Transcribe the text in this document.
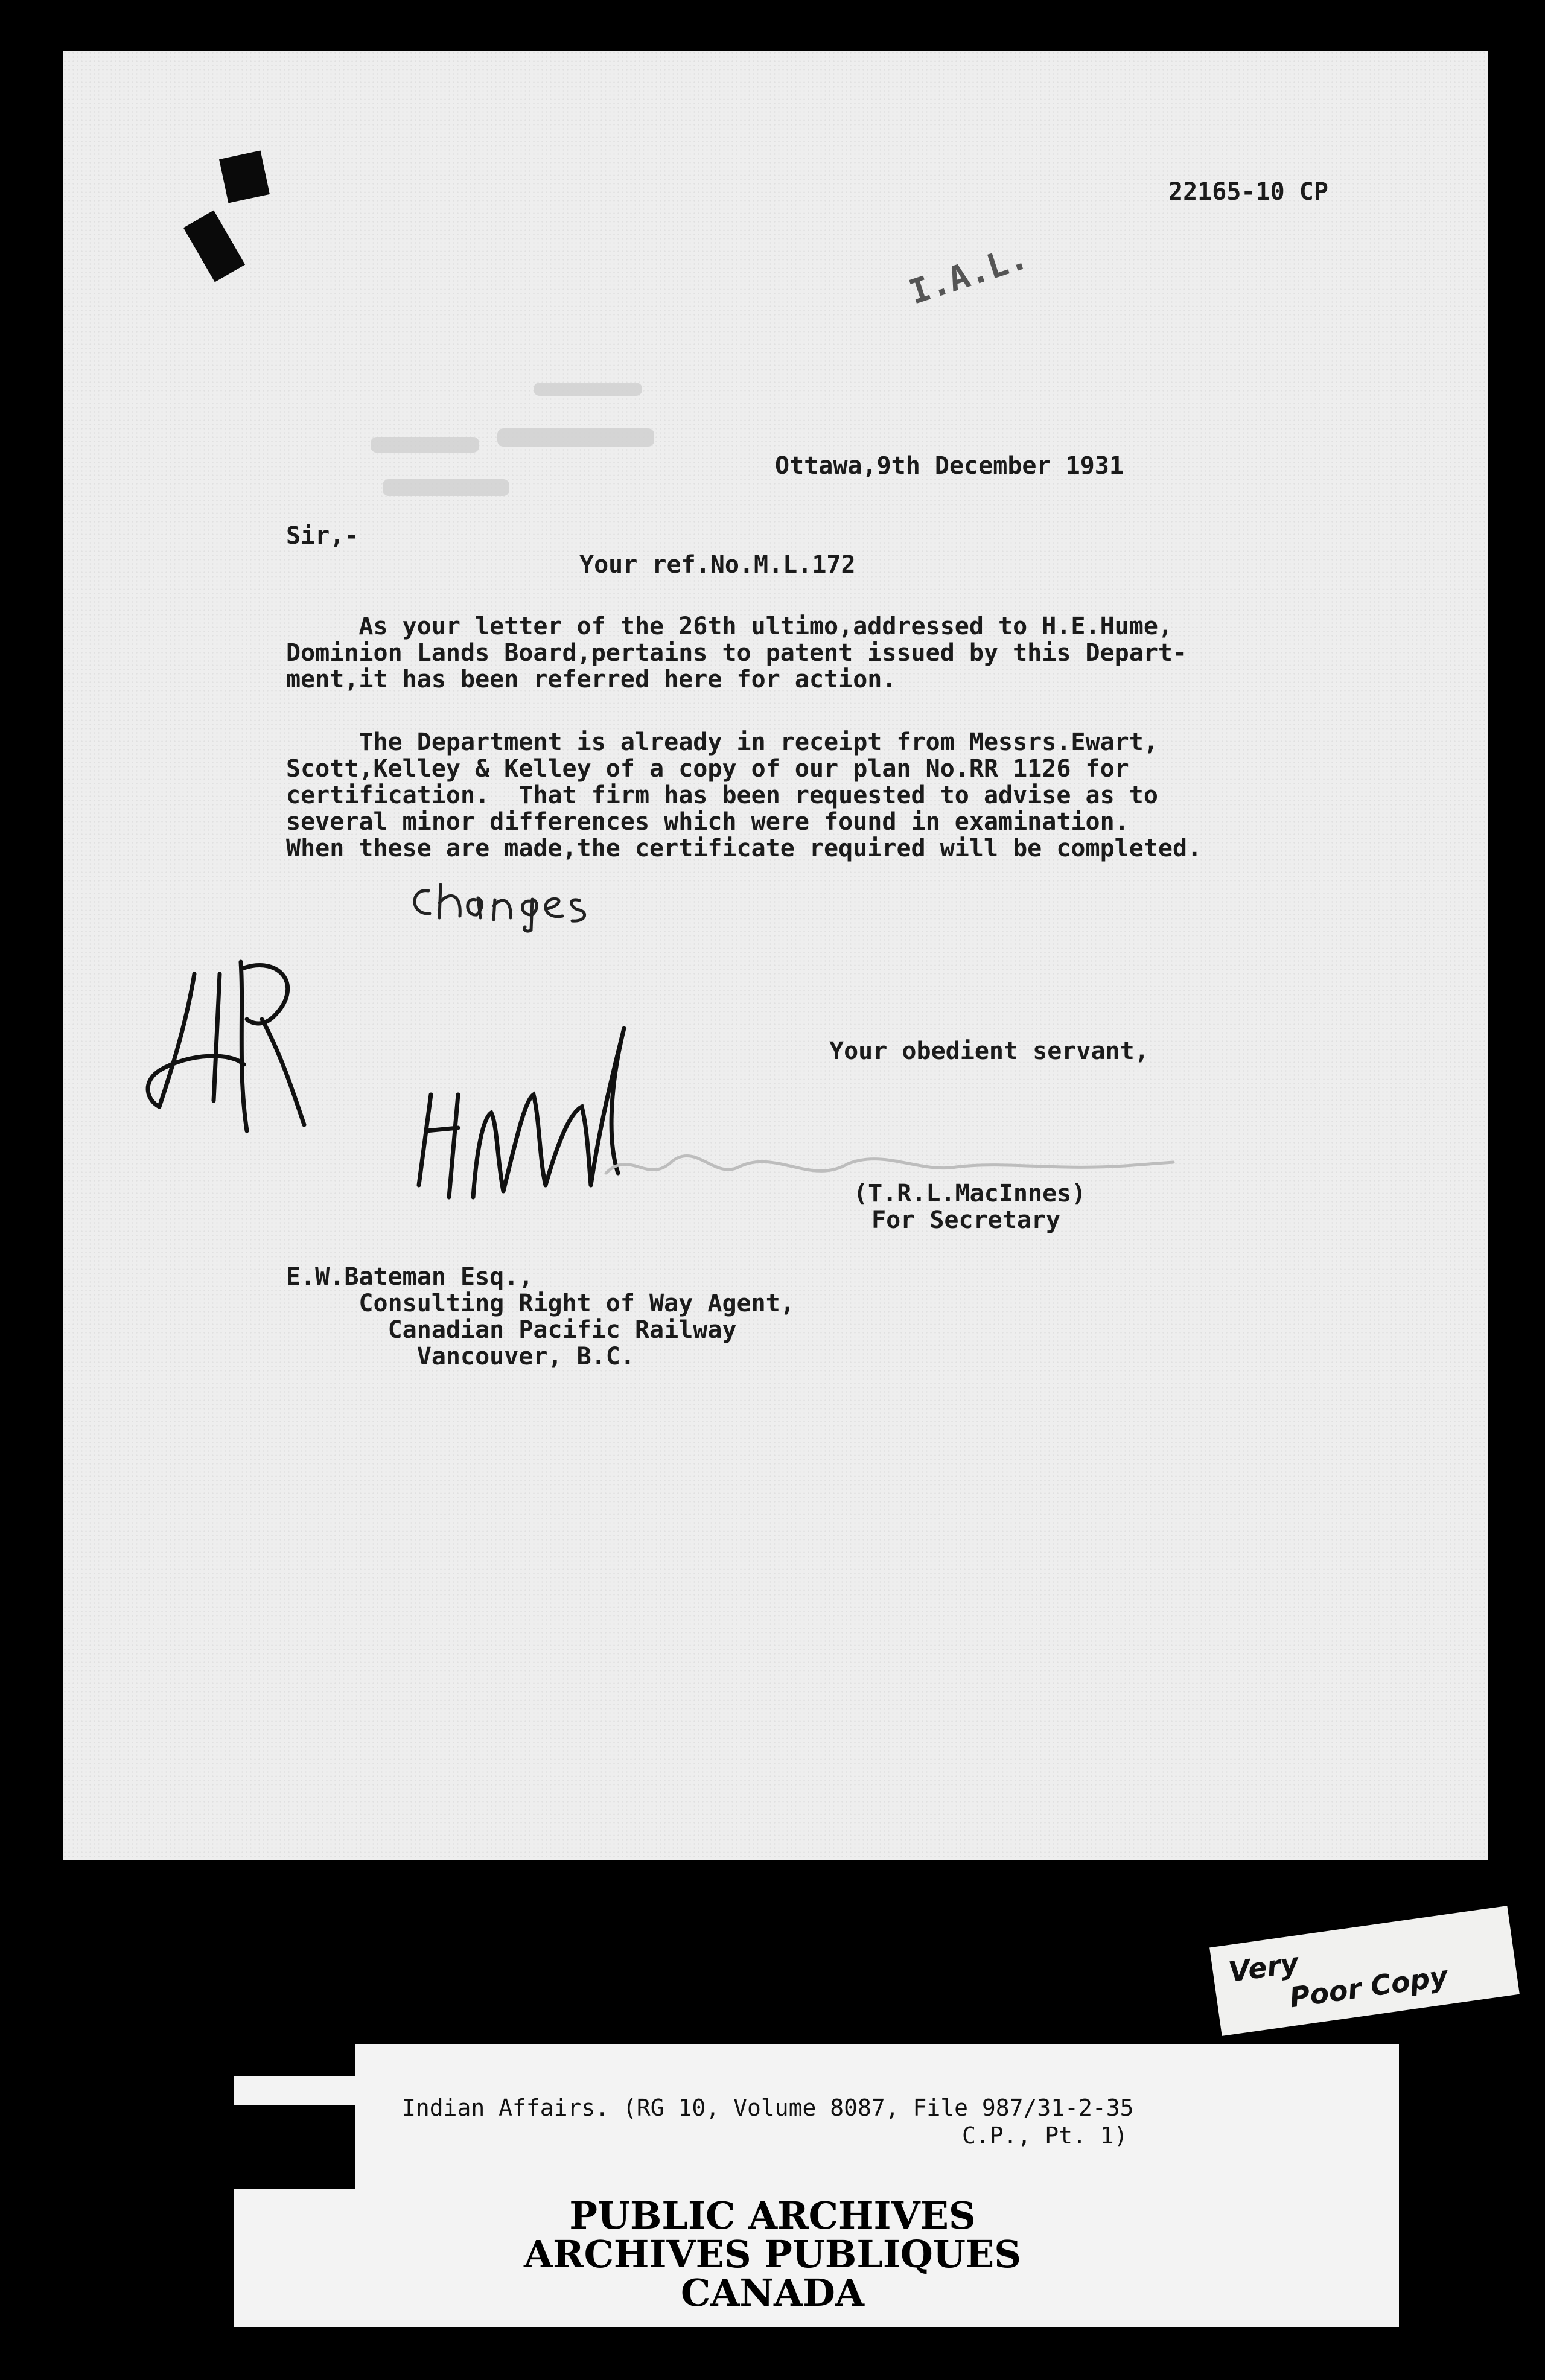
22165-10 CP
I.A.L.
Ottawa,9th December 1931
Sir,-
Your ref.No.M.L.172
As your letter of the 26th ultimo,addressed to H.E.Hume,
Dominion Lands Board,pertains to patent issued by this Depart-
ment,it has been referred here for action.
The Department is already in receipt from Messrs.Ewart,
Scott,Kelley & Kelley of a copy of our plan No.RR 1126 for
certification.  That firm has been requested to advise as to
several minor differences which were found in examination.
When these are made,the certificate required will be completed.
Your obedient servant,
(T.R.L.MacInnes)
For Secretary
E.W.Bateman Esq.,
Consulting Right of Way Agent,
Canadian Pacific Railway
Vancouver, B.C.
Very
Poor Copy
Indian Affairs. (RG 10, Volume 8087, File 987/31-2-35
C.P., Pt. 1)
PUBLIC ARCHIVES
ARCHIVES PUBLIQUES
CANADA
